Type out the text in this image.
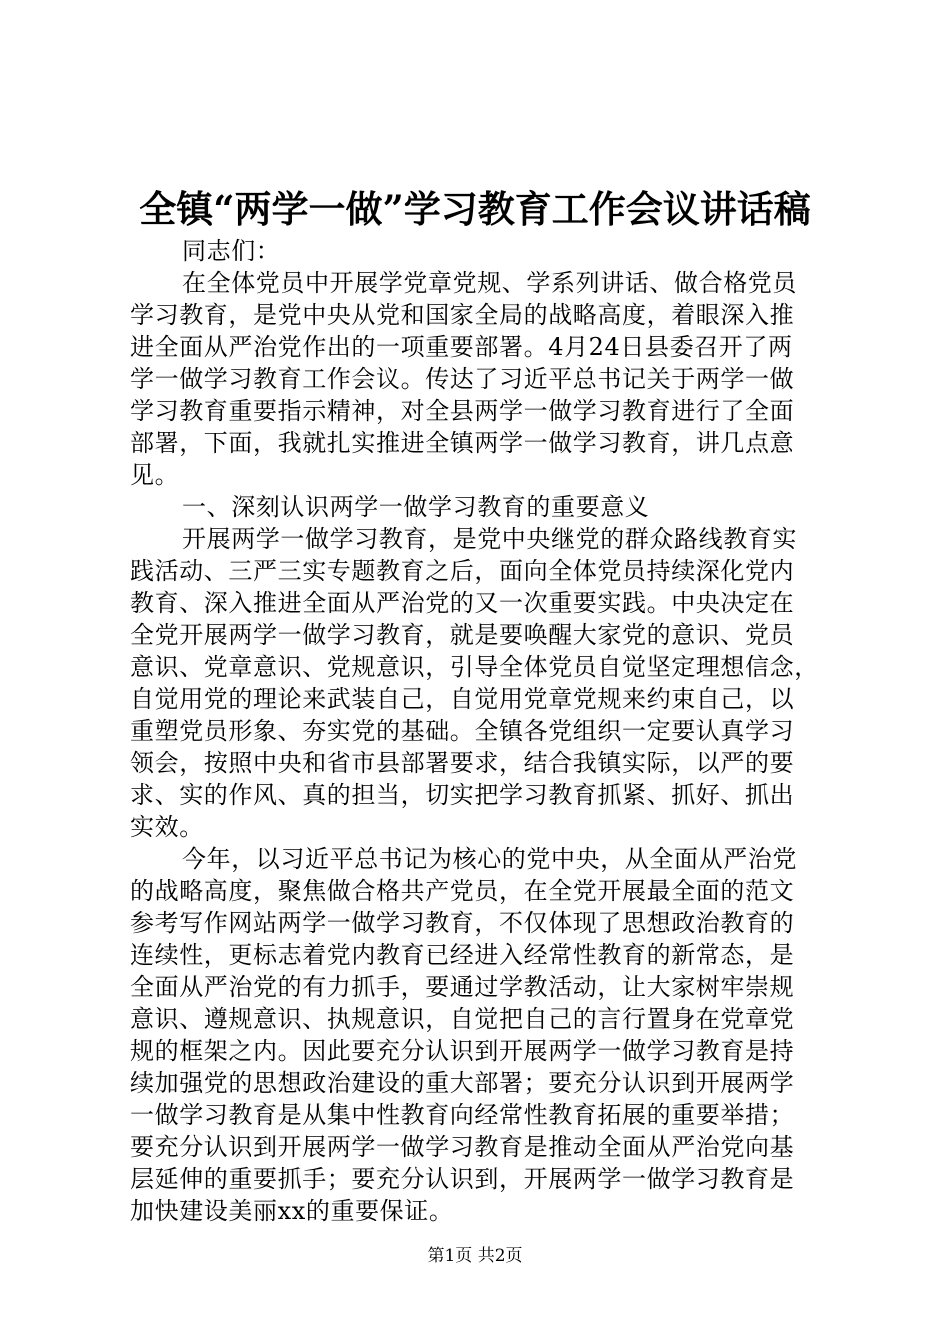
全镇“两学一做”学习教育工作会议讲话稿
同志们：
在全体党员中开展学党章党规、学系列讲话、做合格党员
学习教育，是党中央从党和国家全局的战略高度，着眼深入推
进全面从严治党作出的一项重要部署。4月24日县委召开了两
学一做学习教育工作会议。传达了习近平总书记关于两学一做
学习教育重要指示精神，对全县两学一做学习教育进行了全面
部署，下面，我就扎实推进全镇两学一做学习教育，讲几点意
见。
一、深刻认识两学一做学习教育的重要意义
开展两学一做学习教育，是党中央继党的群众路线教育实
践活动、三严三实专题教育之后，面向全体党员持续深化党内
教育、深入推进全面从严治党的又一次重要实践。中央决定在
全党开展两学一做学习教育，就是要唤醒大家党的意识、党员
意识、党章意识、党规意识，引导全体党员自觉坚定理想信念，
自觉用党的理论来武装自己，自觉用党章党规来约束自己，以
重塑党员形象、夯实党的基础。全镇各党组织一定要认真学习
领会，按照中央和省市县部署要求，结合我镇实际，以严的要
求、实的作风、真的担当，切实把学习教育抓紧、抓好、抓出
实效。
今年，以习近平总书记为核心的党中央，从全面从严治党
的战略高度，聚焦做合格共产党员，在全党开展最全面的范文
参考写作网站两学一做学习教育，不仅体现了思想政治教育的
连续性，更标志着党内教育已经进入经常性教育的新常态，是
全面从严治党的有力抓手，要通过学教活动，让大家树牢崇规
意识、遵规意识、执规意识，自觉把自己的言行置身在党章党
规的框架之内。因此要充分认识到开展两学一做学习教育是持
续加强党的思想政治建设的重大部署；要充分认识到开展两学
一做学习教育是从集中性教育向经常性教育拓展的重要举措；
要充分认识到开展两学一做学习教育是推动全面从严治党向基
层延伸的重要抓手；要充分认识到，开展两学一做学习教育是
加快建设美丽xx的重要保证。
第1页 共2页
